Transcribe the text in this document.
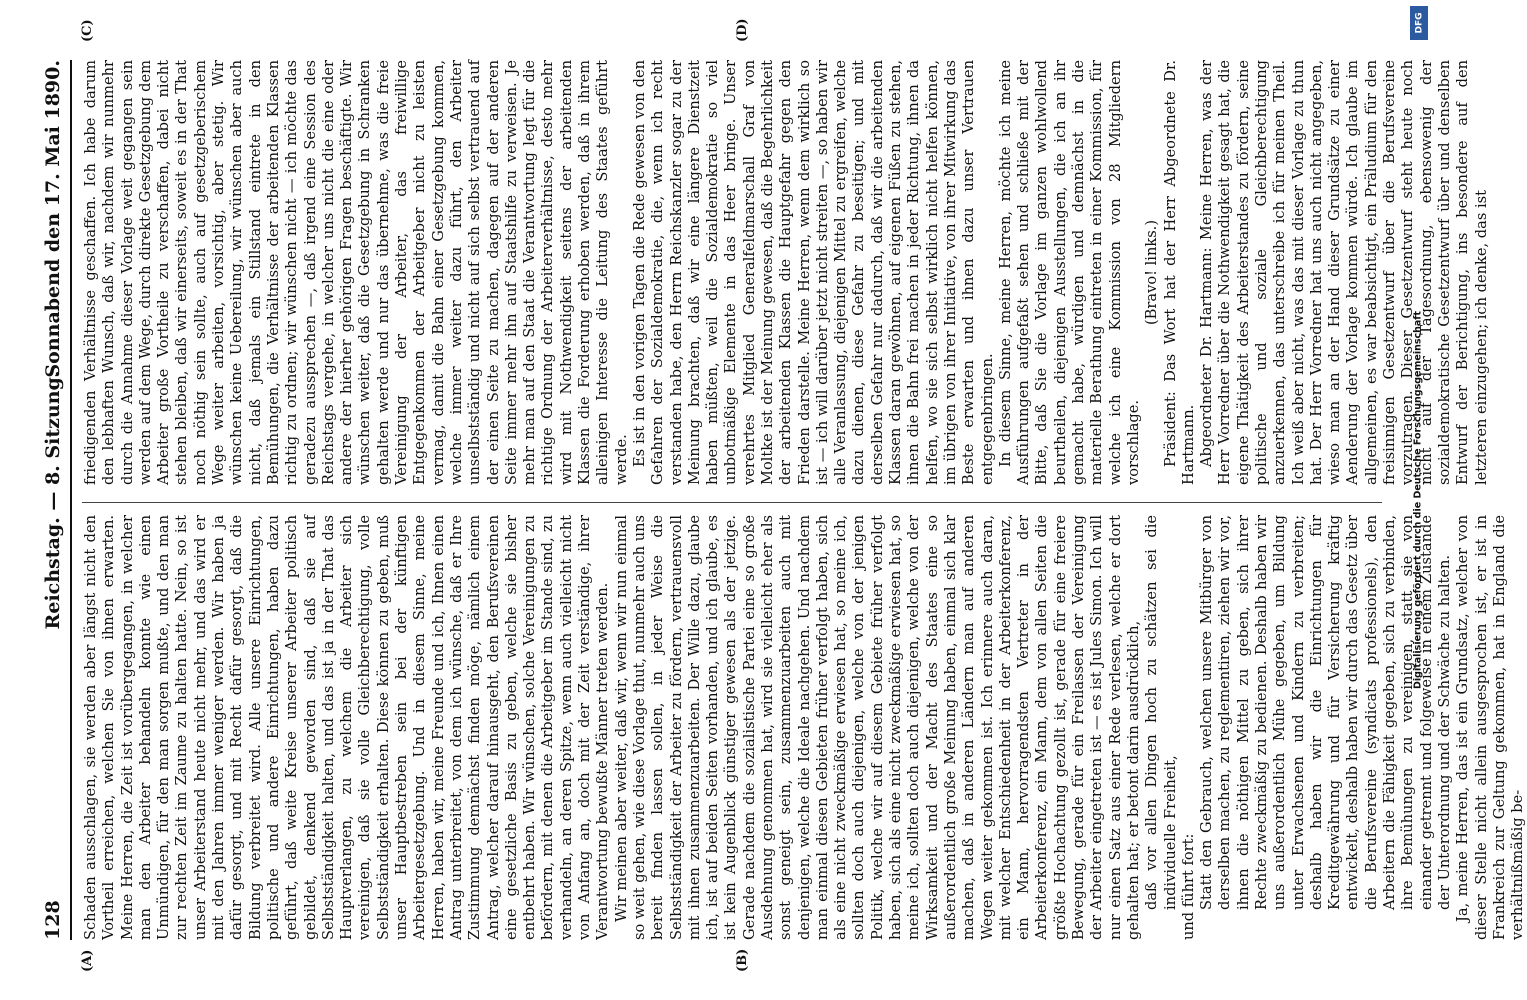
128
Reichstag. — 8. Sitzung.
Sonnabend den 17. Mai 1890.
(A)	(B)
(C)	(D)

Schaden ausschlagen, sie werden aber längst nicht den Vortheil erreichen, welchen Sie von ihnen erwarten. Meine Herren, die Zeit ist vorübergegangen, in welcher man den Arbeiter behandeln konnte wie einen Unmündigen, für den man sorgen mußte, und den man zur rechten Zeit im Zaume zu halten hatte. Nein, so ist unser Arbeiterstand heute nicht mehr, und das wird er mit den Jahren immer weniger werden. Wir haben ja dafür gesorgt, und mit Recht dafür gesorgt, daß die Bildung verbreitet wird. Alle unsere Einrichtungen, politische und andere Einrichtungen, haben dazu geführt, daß weite Kreise unserer Arbeiter politisch gebildet, denkend geworden sind, daß sie auf Selbstständigkeit halten, und das ist ja in der That das Hauptverlangen, zu welchem die Arbeiter sich vereinigen, daß sie volle Gleichberechtigung, volle Selbstständigkeit erhalten. Diese können zu geben, muß unser Hauptbestreben sein bei der künftigen Arbeitergesetzgebung. Und in diesem Sinne, meine Herren, haben wir, meine Freunde und ich, Ihnen einen Antrag unterbreitet, von dem ich wünsche, daß er Ihre Zustimmung demnächst finden möge, nämlich einem Antrag, welcher darauf hinausgeht, den Berufsvereinen eine gesetzliche Basis zu geben, welche sie bisher entbehrt haben. Wir wünschen, solche Vereinigungen zu befördern, mit denen die Arbeitgeber im Stande sind, zu verhandeln, an deren Spitze, wenn auch vielleicht nicht von Anfang an, doch mit der Zeit verständige, ihrer Verantwortung bewußte Männer treten werden. Wir meinen aber weiter, daß wir, wenn wir nun einmal so weit gehen, wie diese Vorlage thut, nunmehr auch uns bereit finden lassen sollen, in jeder Weise die Selbstständigkeit der Arbeiter zu fördern, vertrauensvoll mit ihnen zusammenzuarbeiten. Der Wille dazu, glaube ich, ist auf beiden Seiten vorhanden, und ich glaube, es ist kein Augenblick günstiger gewesen als der jetzige. Gerade nachdem die sozialistische Partei eine so große Ausdehnung genommen hat, wird sie vielleicht eher als sonst geneigt sein, zusammenzuarbeiten auch mit denjenigen, welche die Ideale nachgehen. Und nachdem man einmal diesen Gebieten früher verfolgt haben, sich als eine nicht zweckmäßige erwiesen hat, so meine ich, sollten doch auch diejenigen, welche von der jenigen Politik, welche wir auf diesem Gebiete früher verfolgt haben, sich als eine nicht zweckmäßige erwiesen hat, so meine ich, sollten doch auch diejenigen, welche von der Wirksamkeit und der Macht des Staates eine so außerordentlich große Meinung haben, einmal sich klar machen, daß in anderen Ländern man auf anderen Wegen weiter gekommen ist. Ich erinnere auch daran, mit welcher Entschiedenheit in der Arbeiterkonferenz, ein Mann, hervorragendsten Vertreter in der Arbeiterkonferenz, ein Mann, dem von allen Seiten die größte Hochachtung gezollt ist, gerade für eine freiere Bewegung, gerade für ein Freilassen der Vereinigung der Arbeiter eingetreten ist — es ist Jules Simon. Ich will nur einen Satz aus einer Rede verlesen, welche er dort gehalten hat; er betont darin ausdrücklich, daß vor allen Dingen hoch zu schätzen sei die individuelle Freiheit, und führt fort: Statt den Gebrauch, welchen unsere Mitbürger von derselben machen, zu reglementiren, ziehen wir vor, ihnen die nöthigen Mittel zu geben, sich ihrer Rechte zweckmäßig zu bedienen. Deshalb haben wir uns außerordentlich Mühe gegeben, um Bildung unter Erwachsenen und Kindern zu verbreiten; deshalb haben wir die Einrichtungen für Kreditgewährung und für Versicherung kräftig entwickelt, deshalb haben wir durch das Gesetz über die Berufsvereine (syndicats professionels), den Arbeitern die Fähigkeit gegeben, sich zu verbinden, ihre Bemühungen zu vereinigen, statt sie von einander getrennt und folgeweise in einem Zustande der Unterordnung und der Schwäche zu halten. Ja, meine Herren, das ist ein Grundsatz, welcher von dieser Stelle nicht allein ausgesprochen ist, er ist in Frankreich zur Geltung gekommen, hat in England die verhältnißmäßig be-

friedigenden Verhältnisse geschaffen. Ich habe darum den lebhaften Wunsch, daß wir, nachdem wir nunmehr durch die Annahme dieser Vorlage weit gegangen sein werden auf dem Wege, durch direkte Gesetzgebung dem Arbeiter große Vortheile zu verschaffen, dabei nicht stehen bleiben, daß wir einerseits, soweit es in der That noch nöthig sein sollte, auch auf gesetzgeberischem Wege weiter arbeiten, vorsichtig, aber stetig. Wir wünschen keine Uebereilung, wir wünschen aber auch nicht, daß jemals ein Stillstand eintrete in den Bemühungen, die Verhältnisse der arbeitenden Klassen richtig zu ordnen; wir wünschen nicht — ich möchte das geradezu aussprechen —, daß irgend eine Session des Reichstags vergehe, in welcher uns nicht die eine oder andere der hierher gehörigen Fragen beschäftigte. Wir wünschen weiter, daß die Gesetzgebung in Schranken gehalten werde und nur das übernehme, was die freie Vereinigung der Arbeiter, das freiwillige Entgegenkommen der Arbeitgeber nicht zu leisten vermag, damit die Bahn einer Gesetzgebung kommen, welche immer weiter dazu führt, den Arbeiter unselbstständig und nicht auf sich selbst vertrauend auf der einen Seite zu machen, dagegen auf der anderen Seite immer mehr ihn auf Staatshilfe zu verweisen. Je mehr man auf den Staat die Verantwortung legt für die richtige Ordnung der Arbeiterverhältnisse, desto mehr wird mit Nothwendigkeit seitens der arbeitenden Klassen die Forderung erhoben werden, daß in ihrem alleinigen Interesse die Leitung des Staates geführt werde. Es ist in den vorigen Tagen die Rede gewesen von den Gefahren der Sozialdemokratie, die, wenn ich recht verstanden habe, den Herrn Reichskanzler sogar zu der Meinung brachten, daß wir eine längere Dienstzeit haben müßten, weil die Sozialdemokratie so viel unbotmäßige Elemente in das Heer bringe. Unser verehrtes Mitglied Generalfeldmarschall Graf von Moltke ist der Meinung gewesen, daß die Begehrlichkeit der arbeitenden Klassen die Hauptgefahr gegen den Frieden darstelle. Meine Herren, wenn dem wirklich so ist — ich will darüber jetzt nicht streiten —, so haben wir alle Veranlassung, diejenigen Mittel zu ergreifen, welche dazu dienen, diese Gefahr zu beseitigen; und mit derselben Gefahr nur dadurch, daß wir die arbeitenden Klassen daran gewöhnen, auf eigenen Füßen zu stehen, ihnen die Bahn frei machen in jeder Richtung, ihnen da helfen, wo sie sich selbst wirklich nicht helfen können, im übrigen von ihrer Initiative, von ihrer Mitwirkung das Beste erwarten und ihnen dazu unser Vertrauen entgegenbringen. In diesem Sinne, meine Herren, möchte ich meine Ausführungen aufgefaßt sehen und schließe mit der Bitte, daß Sie die Vorlage im ganzen wohlwollend beurtheilen, diejenigen Ausstellungen, die ich an ihr gemacht habe, würdigen und demnächst in die materielle Berathung eintreten in einer Kommission, für welche ich eine Kommission von 28 Mitgliedern vorschlage.

(Bravo! links.) Präsident: Das Wort hat der Herr Abgeordnete Dr. Hartmann. Abgeordneter Dr. Hartmann: Meine Herren, was der Herr Vorredner über die Nothwendigkeit gesagt hat, die eigene Thätigkeit des Arbeiterstandes zu fördern, seine politische und soziale Gleichberechtigung anzuerkennen, das unterschreibe ich für meinen Theil. Ich weiß aber nicht, was das mit dieser Vorlage zu thun hat. Der Herr Vorredner hat uns auch nicht angegeben, wieso man an der Hand dieser Grundsätze zu einer Aenderung der Vorlage kommen würde. Ich glaube im allgemeinen, es war beabsichtigt, ein Präludium für den freisinnigen Gesetzentwurf über die Berufsvereine vorzutragen. Dieser Gesetzentwurf steht heute noch nicht auf der Tagesordnung, ebensowenig der sozialdemokratische Gesetzentwurf über und denselben Entwurf der Berichtigung, ins besondere auf den letzteren einzugehen; ich denke, das ist

Digitalisierung gefördert durch die Deutsche Forschungsgemeinschaft
DFG
